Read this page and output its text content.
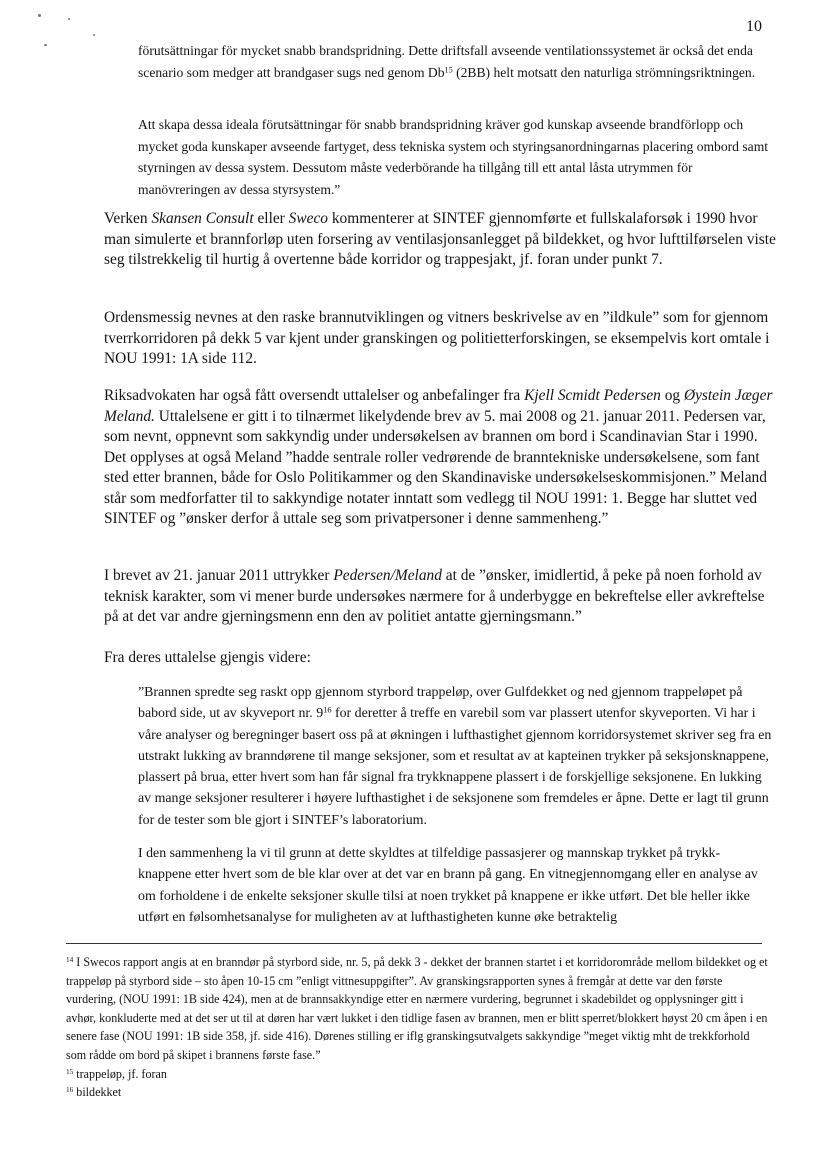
10
förutsättningar för mycket snabb brandspridning. Dette driftsfall avseende ventilationssystemet är också det enda scenario som medger att brandgaser sugs ned genom Db$^{15}$ (2BB) helt motsatt den naturliga strömningsriktningen.
Att skapa dessa ideala förutsättningar för snabb brandspridning kräver god kunskap avseende brandförlopp och mycket goda kunskaper avseende fartyget, dess tekniska system och styringsanordningarnas placering ombord samt styrningen av dessa system. Dessutom måste vederbörande ha tillgång till ett antal låsta utrymmen för manövreringen av dessa styrsystem.”
Verken Skansen Consult eller Sweco kommenterer at SINTEF gjennomførte et fullskalaforsøk i 1990 hvor man simulerte et brannforløp uten forsering av ventilasjonsanlegget på bildekket, og hvor lufttilførselen viste seg tilstrekkelig til hurtig å overtenne både korridor og trappesjakt, jf. foran under punkt 7.
Ordensmessig nevnes at den raske brannutviklingen og vitners beskrivelse av en ”ildkule” som for gjennom tverrkorridoren på dekk 5 var kjent under granskingen og politietterforskingen, se eksempelvis kort omtale i NOU 1991: 1A side 112.
Riksadvokaten har også fått oversendt uttalelser og anbefalinger fra Kjell Scmidt Pedersen og Øystein Jæger Meland. Uttalelsene er gitt i to tilnærmet likelydende brev av 5. mai 2008 og 21. januar 2011. Pedersen var, som nevnt, oppnevnt som sakkyndig under undersøkelsen av brannen om bord i Scandinavian Star i 1990. Det opplyses at også Meland ”hadde sentrale roller vedrørende de branntekniske undersøkelsene, som fant sted etter brannen, både for Oslo Politikammer og den Skandinaviske undersøkelseskommisjonen.” Meland står som medforfatter til to sakkyndige notater inntatt som vedlegg til NOU 1991: 1. Begge har sluttet ved SINTEF og ”ønsker derfor å uttale seg som privatpersoner i denne sammenheng.”
I brevet av 21. januar 2011 uttrykker Pedersen/Meland at de ”ønsker, imidlertid, å peke på noen forhold av teknisk karakter, som vi mener burde undersøkes nærmere for å underbygge en bekreftelse eller avkreftelse på at det var andre gjerningsmenn enn den av politiet antatte gjerningsmann.”
Fra deres uttalelse gjengis videre:
”Brannen spredte seg raskt opp gjennom styrbord trappeløp, over Gulfdekket og ned gjennom trappeløpet på babord side, ut av skyveport nr. $9^{16}$ for deretter å treffe en varebil som var plassert utenfor skyveporten. Vi har i våre analyser og beregninger basert oss på at økningen i lufthastighet gjennom korridorsystemet skriver seg fra en utstrakt lukking av branndørene til mange seksjoner, som et resultat av at kapteinen trykker på seksjonsknappene, plassert på brua, etter hvert som han får signal fra trykknappene plassert i de forskjellige seksjonene. En lukking av mange seksjoner resulterer i høyere lufthastighet i de seksjonene som fremdeles er åpne. Dette er lagt til grunn for de tester som ble gjort i SINTEF’s laboratorium.
I den sammenheng la vi til grunn at dette skyldtes at tilfeldige passasjerer og mannskap trykket på trykk-knappene etter hvert som de ble klar over at det var en brann på gang. En vitnegjennomgang eller en analyse av om forholdene i de enkelte seksjoner skulle tilsi at noen trykket på knappene er ikke utført. Det ble heller ikke utført en følsomhetsanalyse for muligheten av at lufthastigheten kunne øke betraktelig

$^{14}$ I Swecos rapport angis at en branndør på styrbord side, nr. 5, på dekk 3 - dekket der brannen startet i et korridorområde mellom bildekket og et trappeløp på styrbord side – sto åpen 10-15 cm ”enligt vittnesuppgifter”. Av granskingsrapporten synes å fremgår at dette var den første vurdering, (NOU 1991: 1B side 424), men at de brannsakkyndige etter en nærmere vurdering, begrunnet i skadebildet og opplysninger gitt i avhør, konkluderte med at det ser ut til at døren har vært lukket i den tidlige fasen av brannen, men er blitt sperret/blokkert høyst 20 cm åpen i en senere fase (NOU 1991: 1B side 358, jf. side 416). Dørenes stilling er iflg granskingsutvalgets sakkyndige ”meget viktig mht de trekkforhold som rådde om bord på skipet i brannens første fase.”

$^{15}$ trappeløp, jf. foran

$^{16}$ bildekket
